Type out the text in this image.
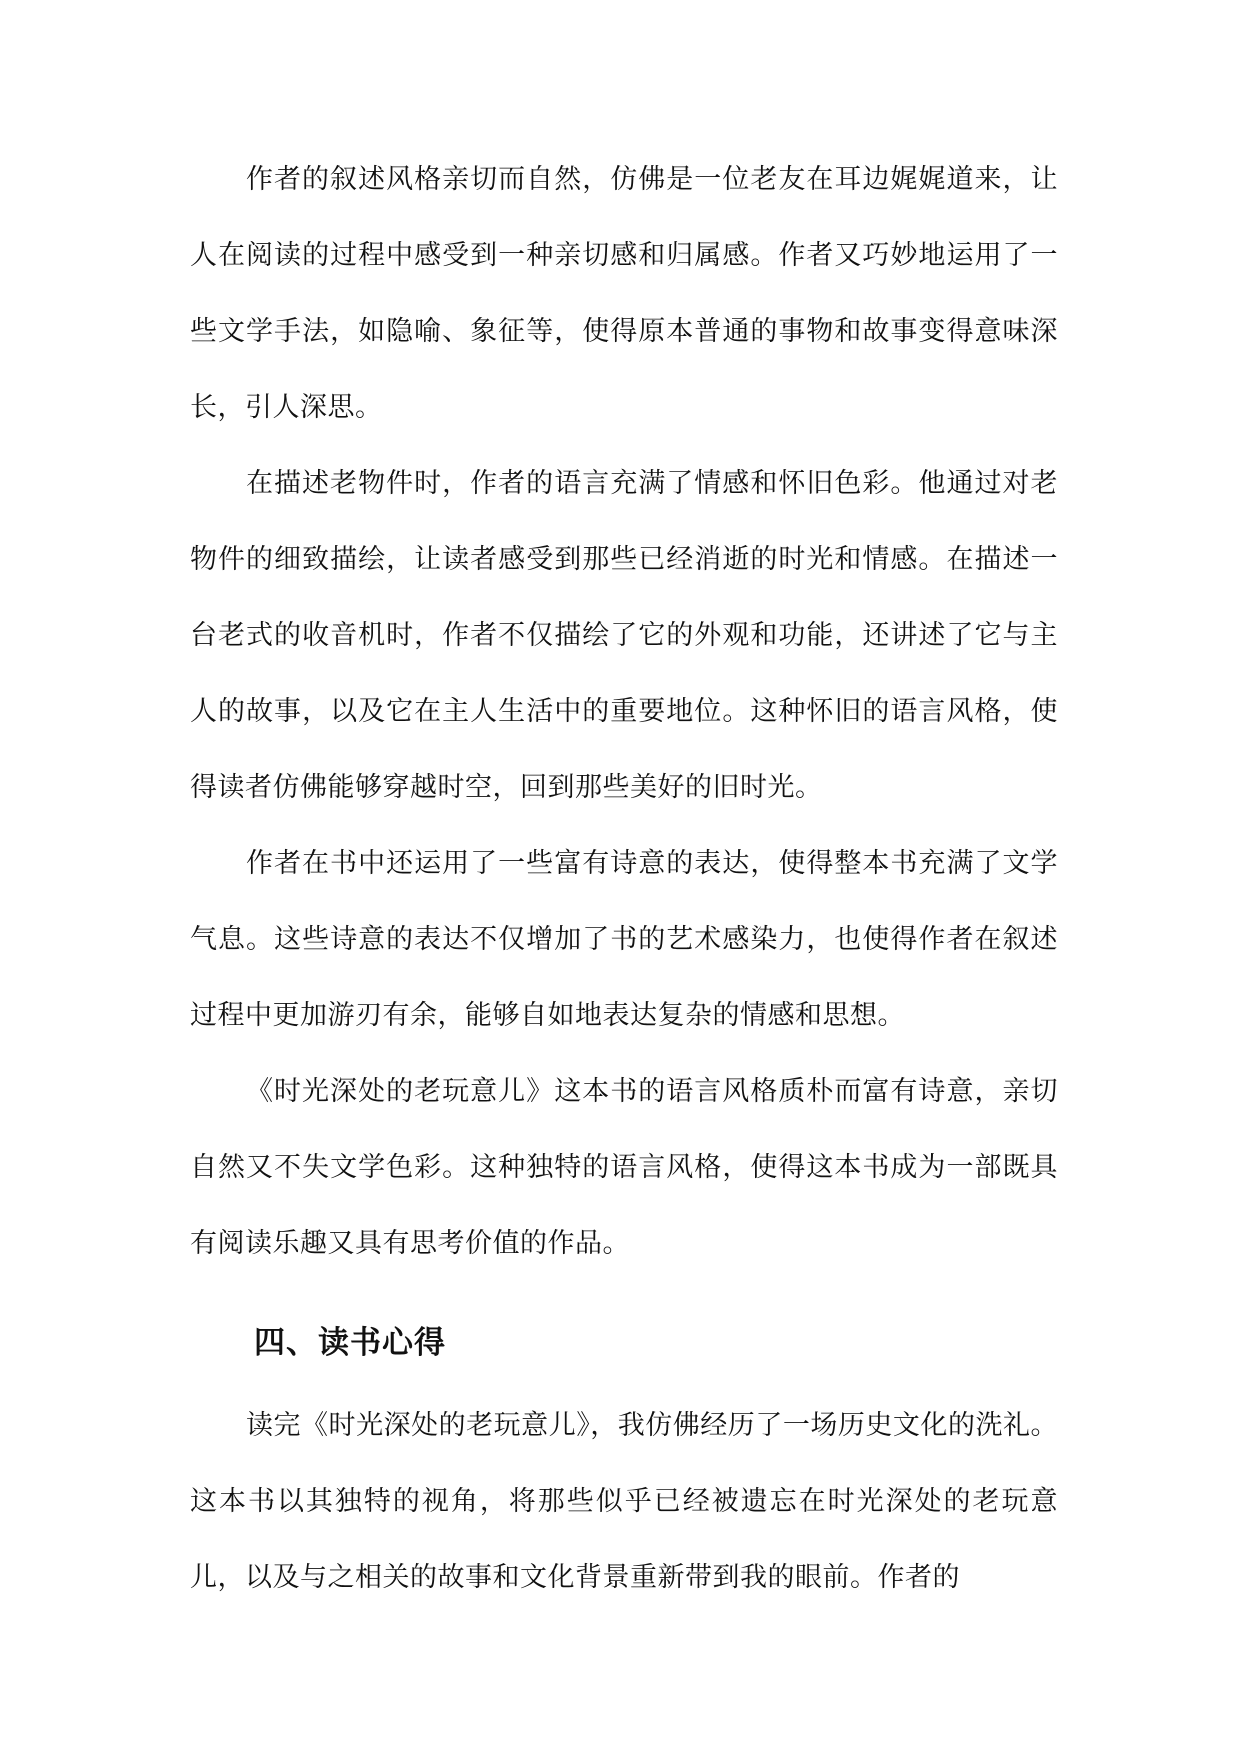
作者的叙述风格亲切而自然，仿佛是一位老友在耳边娓娓道来，让人在阅读的过程中感受到一种亲切感和归属感。作者又巧妙地运用了一些文学手法，如隐喻、象征等，使得原本普通的事物和故事变得意味深长，引人深思。

在描述老物件时，作者的语言充满了情感和怀旧色彩。他通过对老物件的细致描绘，让读者感受到那些已经消逝的时光和情感。在描述一台老式的收音机时，作者不仅描绘了它的外观和功能，还讲述了它与主人的故事，以及它在主人生活中的重要地位。这种怀旧的语言风格，使得读者仿佛能够穿越时空，回到那些美好的旧时光。

作者在书中还运用了一些富有诗意的表达，使得整本书充满了文学气息。这些诗意的表达不仅增加了书的艺术感染力，也使得作者在叙述过程中更加游刃有余，能够自如地表达复杂的情感和思想。

《时光深处的老玩意儿》这本书的语言风格质朴而富有诗意，亲切自然又不失文学色彩。这种独特的语言风格，使得这本书成为一部既具有阅读乐趣又具有思考价值的作品。

四、读书心得

读完《时光深处的老玩意儿》，我仿佛经历了一场历史文化的洗礼。这本书以其独特的视角，将那些似乎已经被遗忘在时光深处的老玩意儿，以及与之相关的故事和文化背景重新带到我的眼前。作者的
